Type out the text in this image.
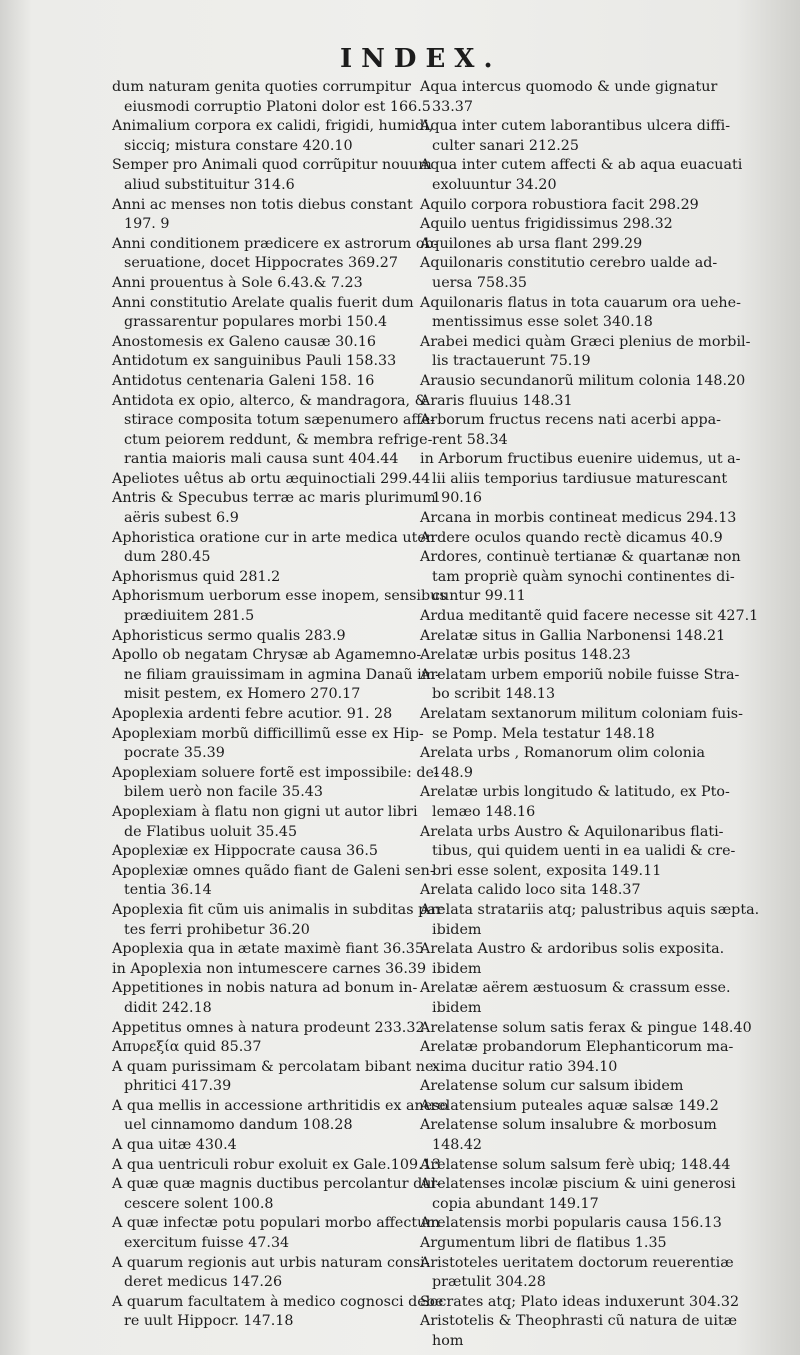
INDEX.
dum naturam genita quoties corrumpitur
eiusmodi corruptio Platoni dolor est 166.5
Animalium corpora ex calidi, frigidi, humidi,
sicciq; mistura constare 420.10
Semper pro Animali quod corrũpitur nouum
aliud substituitur 314.6
Anni ac menses non totis diebus constant
197. 9
Anni conditionem prædicere ex astrorum ob-
seruatione, docet Hippocrates 369.27
Anni prouentus à Sole 6.43.& 7.23
Anni constitutio Arelate qualis fuerit dum
grassarentur populares morbi 150.4
Anostomesis ex Galeno causæ 30.16
Antidotum ex sanguinibus Pauli 158.33
Antidotus centenaria Galeni 158. 16
Antidota ex opio, alterco, & mandragora, &
stirace composita totum sæpenumero affe-
ctum peiorem reddunt, & membra refrige-
rantia maioris mali causa sunt 404.44
Apeliotes uêtus ab ortu æquinoctiali 299.44
Antris & Specubus terræ ac maris plurimum
aëris subest 6.9
Aphoristica oratione cur in arte medica uten
dum 280.45
Aphorismus quid 281.2
Aphorismum uerborum esse inopem, sensibus
prædiuitem 281.5
Aphoristicus sermo qualis 283.9
Apollo ob negatam Chrysæ ab Agamemno-
ne filiam grauissimam in agmina Danaũ im-
misit pestem, ex Homero 270.17
Apoplexia ardenti febre acutior. 91. 28
Apoplexiam morbũ difficillimũ esse ex Hip-
pocrate 35.39
Apoplexiam soluere fortẽ est impossibile: de-
bilem uerò non facile 35.43
Apoplexiam à flatu non gigni ut autor libri
de Flatibus uoluit 35.45
Apoplexiæ ex Hippocrate causa 36.5
Apoplexiæ omnes quãdo fiant de Galeni sen-
tentia 36.14
Apoplexia fit cũm uis animalis in subditas par
tes ferri prohibetur 36.20
Apoplexia qua in ætate maximè fiant 36.35
in Apoplexia non intumescere carnes 36.39
Appetitiones in nobis natura ad bonum in-
didit 242.18
Appetitus omnes à natura prodeunt 233.32
Απυρεξία quid 85.37
A quam purissimam & percolatam bibant ne-
phritici 417.39
A qua mellis in accessione arthritidis ex aneso
uel cinnamomo dandum 108.28
A qua uitæ 430.4
A qua uentriculi robur exoluit ex Gale.109.13
A quæ quæ magnis ductibus percolantur dul-
cescere solent 100.8
A quæ infectæ potu populari morbo affectum
exercitum fuisse 47.34
A quarum regionis aut urbis naturam consi-
deret medicus 147.26
A quarum facultatem à medico cognosci debe
re uult Hippocr. 147.18
Aqua intercus quomodo & unde gignatur
33.37
Aqua inter cutem laborantibus ulcera diffi-
culter sanari 212.25
Aqua inter cutem affecti & ab aqua euacuati
exoluuntur 34.20
Aquilo corpora robustiora facit 298.29
Aquilo uentus frigidissimus 298.32
Aquilones ab ursa flant 299.29
Aquilonaris constitutio cerebro ualde ad-
uersa 758.35
Aquilonaris flatus in tota cauarum ora uehe-
mentissimus esse solet 340.18
Arabei medici quàm Græci plenius de morbil-
lis tractauerunt 75.19
Arausio secundanorũ militum colonia 148.20
Araris fluuius 148.31
Arborum fructus recens nati acerbi appa-
rent 58.34
in Arborum fructibus euenire uidemus, ut a-
lii aliis temporius tardiusue maturescant
190.16
Arcana in morbis contineat medicus 294.13
Ardere oculos quando rectè dicamus 40.9
Ardores, continuè tertianæ & quartanæ non
tam propriè quàm synochi continentes di-
cuntur 99.11
Ardua meditantẽ quid facere necesse sit 427.1
Arelatæ situs in Gallia Narbonensi 148.21
Arelatæ urbis positus 148.23
Arelatam urbem emporiũ nobile fuisse Stra-
bo scribit 148.13
Arelatam sextanorum militum coloniam fuis-
se Pomp. Mela testatur 148.18
Arelata urbs , Romanorum olim colonia
148.9
Arelatæ urbis longitudo & latitudo, ex Pto-
lemæo 148.16
Arelata urbs Austro & Aquilonaribus flati-
tibus, qui quidem uenti in ea ualidi & cre-
bri esse solent, exposita 149.11
Arelata calido loco sita 148.37
Arelata stratariis atq; palustribus aquis sæpta.
ibidem
Arelata Austro & ardoribus solis exposita.
ibidem
Arelatæ aërem æstuosum & crassum esse.
ibidem
Arelatense solum satis ferax & pingue 148.40
Arelatæ probandorum Elephanticorum ma-
xima ducitur ratio 394.10
Arelatense solum cur salsum ibidem
Arelatensium puteales aquæ salsæ 149.2
Arelatense solum insalubre & morbosum
148.42
Arelatense solum salsum ferè ubiq; 148.44
Arelatenses incolæ piscium & uini generosi
copia abundant 149.17
Arelatensis morbi popularis causa 156.13
Argumentum libri de flatibus 1.35
Aristoteles ueritatem doctorum reuerentiæ
prætulit 304.28
Socrates atq; Plato ideas induxerunt 304.32
Aristotelis & Theophrasti cũ natura de uitæ
hom
